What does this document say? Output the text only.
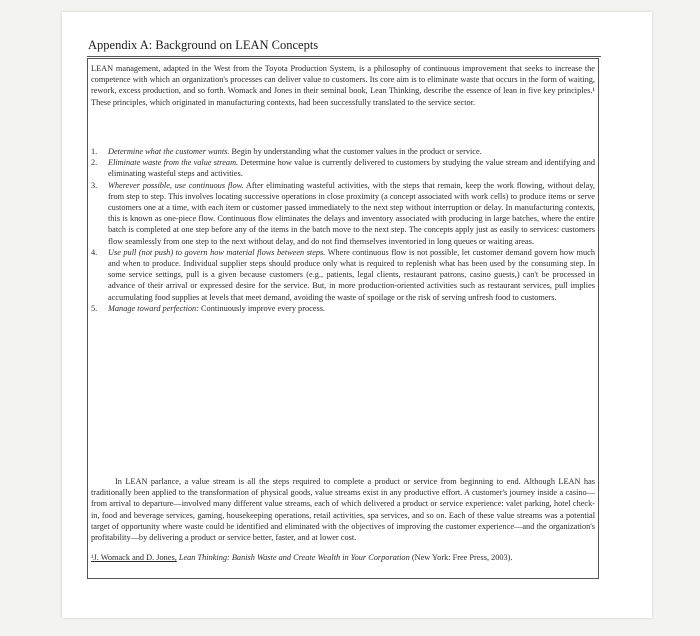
Appendix A: Background on LEAN Concepts
LEAN management, adapted in the West from the Toyota Production System, is a philosophy of continuous improvement that seeks to increase the competence with which an organization's processes can deliver value to customers. Its core aim is to eliminate waste that occurs in the form of waiting, rework, excess production, and so forth. Womack and Jones in their seminal book, Lean Thinking, describe the essence of lean in five key principles.¹ These principles, which originated in manufacturing contexts, had been successfully translated to the service sector.
1. Determine what the customer wants. Begin by understanding what the customer values in the product or service.
2. Eliminate waste from the value stream. Determine how value is currently delivered to customers by studying the value stream and identifying and eliminating wasteful steps and activities.
3. Wherever possible, use continuous flow. After eliminating wasteful activities, with the steps that remain, keep the work flowing, without delay, from step to step. This involves locating successive operations in close proximity (a concept associated with work cells) to produce items or serve customers one at a time, with each item or customer passed immediately to the next step without interruption or delay. In manufacturing contexts, this is known as one-piece flow. Continuous flow eliminates the delays and inventory associated with producing in large batches, where the entire batch is completed at one step before any of the items in the batch move to the next step. The concepts apply just as easily to services: customers flow seamlessly from one step to the next without delay, and do not find themselves inventoried in long queues or waiting areas.
4. Use pull (not push) to govern how material flows between steps. Where continuous flow is not possible, let customer demand govern how much and when to produce. Individual supplier steps should produce only what is required to replenish what has been used by the consuming step. In some service settings, pull is a given because customers (e.g., patients, legal clients, restaurant patrons, casino guests,) can't be processed in advance of their arrival or expressed desire for the service. But, in more production-oriented activities such as restaurant services, pull implies accumulating food supplies at levels that meet demand, avoiding the waste of spoilage or the risk of serving unfresh food to customers.
5. Manage toward perfection: Continuously improve every process.
In LEAN parlance, a value stream is all the steps required to complete a product or service from beginning to end. Although LEAN has traditionally been applied to the transformation of physical goods, value streams exist in any productive effort. A customer's journey inside a casino—from arrival to departure—involved many different value streams, each of which delivered a product or service experience: valet parking, hotel check-in, food and beverage services, gaming, housekeeping operations, retail activities, spa services, and so on. Each of these value streams was a potential target of opportunity where waste could be identified and eliminated with the objectives of improving the customer experience—and the organization's profitability—by delivering a product or service better, faster, and at lower cost.
¹J. Womack and D. Jones, Lean Thinking: Banish Waste and Create Wealth in Your Corporation (New York: Free Press, 2003).
